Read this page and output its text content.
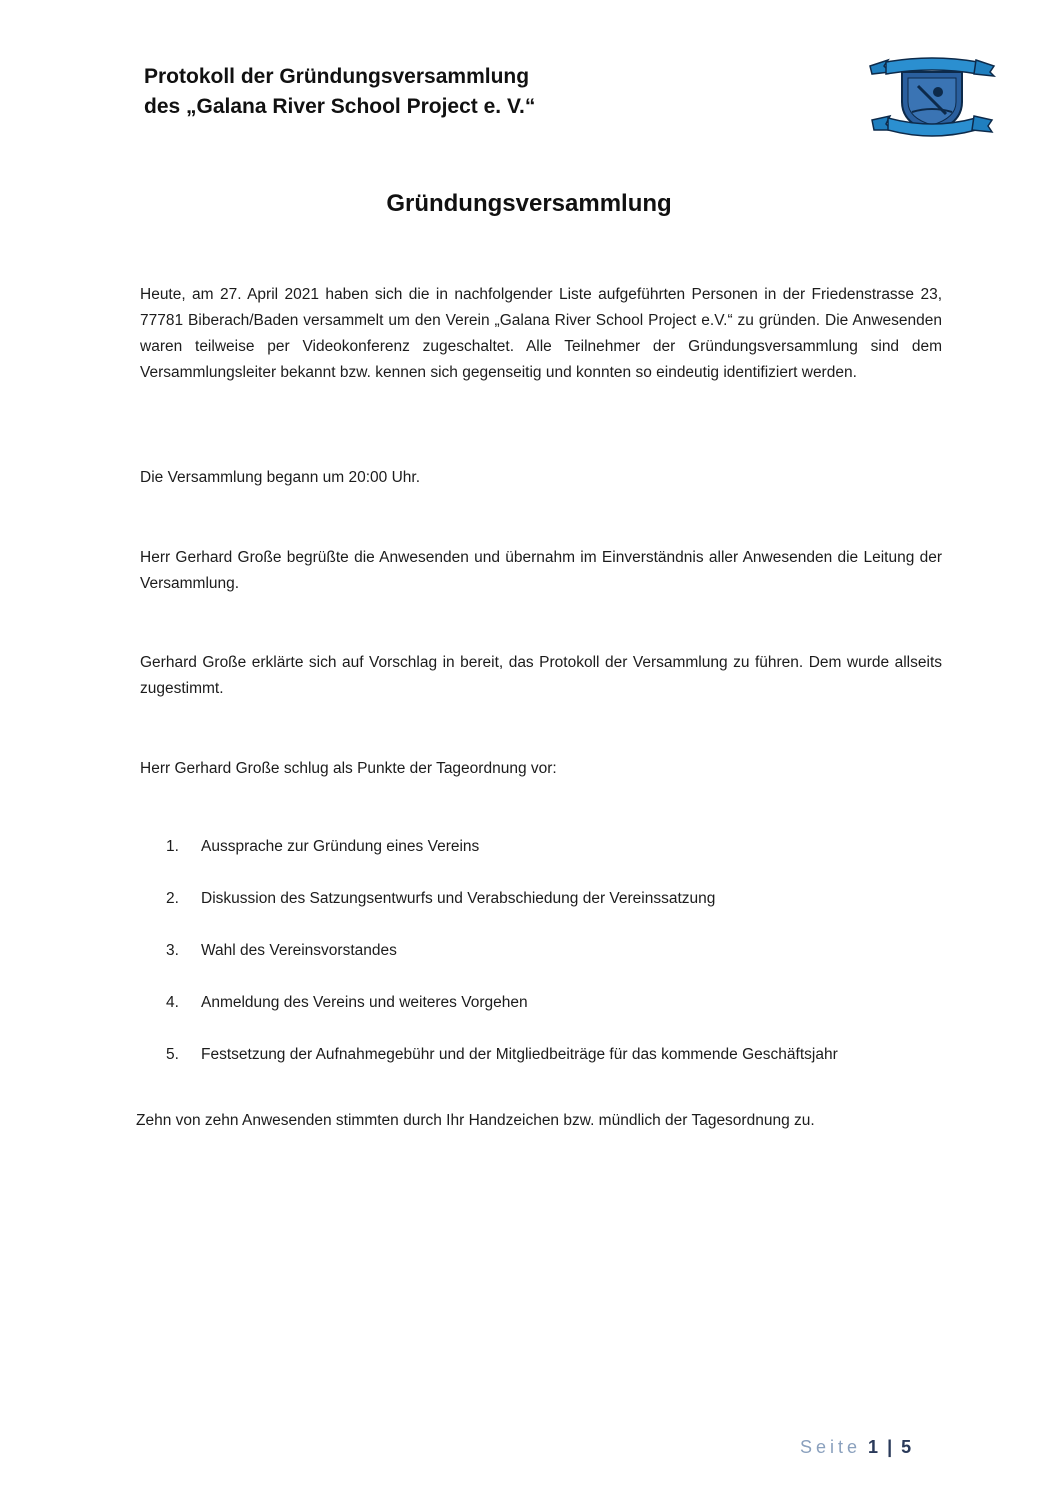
Protokoll der Gründungsversammlung

des „Galana River School Project e. V.“

Gründungsversammlung

Heute, am 27. April 2021 haben sich die in nachfolgender Liste aufgeführten Personen in der Friedenstrasse 23, 77781 Biberach/Baden versammelt um den Verein „Galana River School Project e.V.“ zu gründen. Die Anwesenden waren teilweise per Videokonferenz zugeschaltet. Alle Teilnehmer der Gründungsversammlung sind dem Versammlungsleiter bekannt bzw. kennen sich gegenseitig und konnten so eindeutig identifiziert werden.

Die Versammlung begann um 20:00 Uhr.

Herr Gerhard Große begrüßte die Anwesenden und übernahm im Einverständnis aller Anwesenden die Leitung der Versammlung.

Gerhard Große erklärte sich auf Vorschlag in bereit, das Protokoll der Versammlung zu führen. Dem wurde allseits zugestimmt.

Herr Gerhard Große schlug als Punkte der Tageordnung vor:

1.	Aussprache zur Gründung eines Vereins
2.	Diskussion des Satzungsentwurfs und Verabschiedung der Vereinssatzung
3.	Wahl des Vereinsvorstandes
4.	Anmeldung des Vereins und weiteres Vorgehen
5.	Festsetzung der Aufnahmegebühr und der Mitgliedbeiträge für das kommende Geschäftsjahr

Zehn von zehn Anwesenden stimmten durch Ihr Handzeichen bzw. mündlich der Tagesordnung zu.

Seite 1 | 5
